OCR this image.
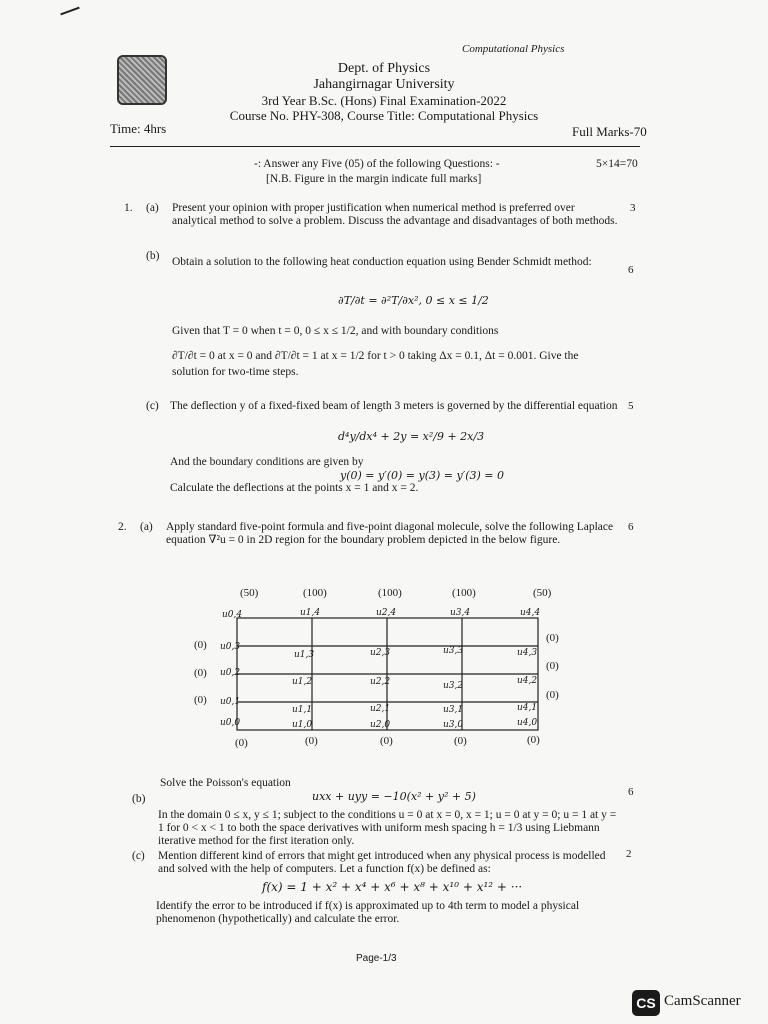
Computational Physics
Dept. of Physics
Jahangirnagar University
3rd Year B.Sc. (Hons) Final Examination-2022
Course No. PHY-308, Course Title: Computational Physics
Time: 4hrs	Full Marks-70
-: Answer any Five (05) of the following Questions: -	5×14=70
[N.B. Figure in the margin indicate full marks]
1. (a) Present your opinion with proper justification when numerical method is preferred over analytical method to solve a problem. Discuss the advantage and disadvantages of both methods.
3
(b) Obtain a solution to the following heat conduction equation using Bender Schmidt method:
6
∂T/∂t = ∂²T/∂x², 0 ≤ x ≤ 1/2
Given that T = 0 when t = 0, 0 ≤ x ≤ 1/2, and with boundary conditions
∂T/∂t = 0 at x = 0 and ∂T/∂t = 1 at x = 1/2 for t > 0 taking Δx = 0.1, Δt = 0.001. Give the
solution for two-time steps.
(c) The deflection y of a fixed-fixed beam of length 3 meters is governed by the differential equation 5
d⁴y/dx⁴ + 2y = x²/9 + 2x/3
And the boundary conditions are given by
y(0) = y′(0) = y(3) = y′(3) = 0
Calculate the deflections at the points x = 1 and x = 2.
2. (a) Apply standard five-point formula and five-point diagonal molecule, solve the following Laplace equation ∇²u = 0 in 2D region for the boundary problem depicted in the below figure.
6
(50)	(100)	(100)	(100)	(50)
u0,4	u1,4	u2,4	u3,4	u4,4
(0)
(0)
(0)
(0)
(0)
(0)
u0,3
u0,2
u0,1
u0,0
u1,3	u2,3	u3,3	u4,3
u1,2	u2,2	u3,2	u4,2
u1,1	u2,1	u3,1	u4,1
u1,0	u2,0	u3,0	u4,0
(0)	(0)	(0)	(0)	(0)
Solve the Poisson's equation
(b)	uxx + uyy = −10(x² + y² + 5)	6
In the domain 0 ≤ x, y ≤ 1; subject to the conditions u = 0 at x = 0, x = 1; u = 0 at y = 0; u = 1 at y = 1 for 0 < x < 1 to both the space derivatives with uniform mesh spacing h = 1/3 using Liebmann iterative method for the first iteration only.
(c) Mention different kind of errors that might get introduced when any physical process is modelled and solved with the help of computers. Let a function f(x) be defined as:
2
f(x) = 1 + x² + x⁴ + x⁶ + x⁸ + x¹⁰ + x¹² + ···
Identify the error to be introduced if f(x) is approximated up to 4th term to model a physical phenomenon (hypothetically) and calculate the error.
Page-1/3
CS CamScanner
